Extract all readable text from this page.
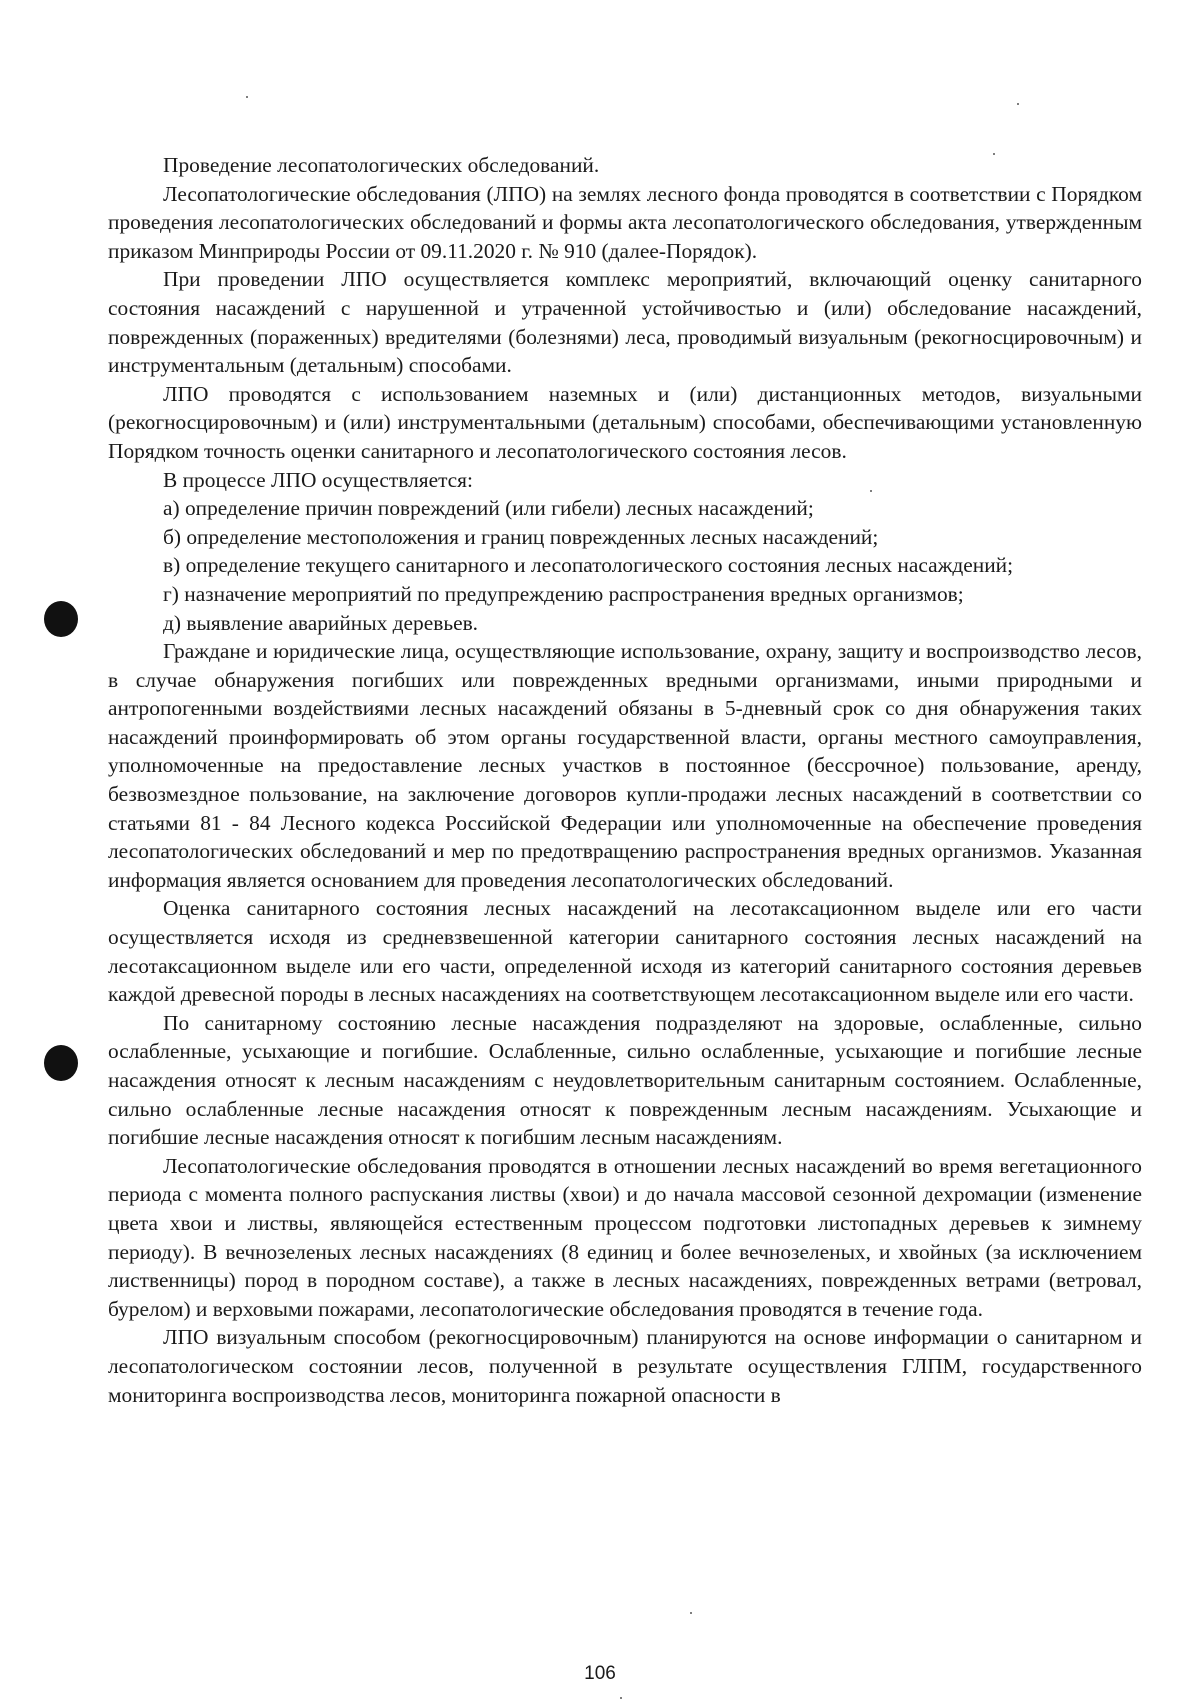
Проведение лесопатологических обследований.

Лесопатологические обследования (ЛПО) на землях лесного фонда проводятся в соответствии с Порядком проведения лесопатологических обследований и формы акта лесопатологического обследования, утвержденным приказом Минприроды России от 09.11.2020 г. № 910 (далее-Порядок).

При проведении ЛПО осуществляется комплекс мероприятий, включающий оценку санитарного состояния насаждений с нарушенной и утраченной устойчивостью и (или) обследование насаждений, поврежденных (пораженных) вредителями (болезнями) леса, проводимый визуальным (рекогносцировочным) и инструментальным (детальным) способами.

ЛПО проводятся с использованием наземных и (или) дистанционных методов, визуальными (рекогносцировочным) и (или) инструментальными (детальным) способами, обеспечивающими установленную Порядком точность оценки санитарного и лесопатологического состояния лесов.

В процессе ЛПО осуществляется:

а) определение причин повреждений (или гибели) лесных насаждений;

б) определение местоположения и границ поврежденных лесных насаждений;

в) определение текущего санитарного и лесопатологического состояния лесных насаждений;

г) назначение мероприятий по предупреждению распространения вредных организмов;

д) выявление аварийных деревьев.

Граждане и юридические лица, осуществляющие использование, охрану, защиту и воспроизводство лесов, в случае обнаружения погибших или поврежденных вредными организмами, иными природными и антропогенными воздействиями лесных насаждений обязаны в 5-дневный срок со дня обнаружения таких насаждений проинформировать об этом органы государственной власти, органы местного самоуправления, уполномоченные на предоставление лесных участков в постоянное (бессрочное) пользование, аренду, безвозмездное пользование, на заключение договоров купли-продажи лесных насаждений в соответствии со статьями 81 - 84 Лесного кодекса Российской Федерации или уполномоченные на обеспечение проведения лесопатологических обследований и мер по предотвращению распространения вредных организмов. Указанная информация является основанием для проведения лесопатологических обследований.

Оценка санитарного состояния лесных насаждений на лесотаксационном выделе или его части осуществляется исходя из средневзвешенной категории санитарного состояния лесных насаждений на лесотаксационном выделе или его части, определенной исходя из категорий санитарного состояния деревьев каждой древесной породы в лесных насаждениях на соответствующем лесотаксационном выделе или его части.

По санитарному состоянию лесные насаждения подразделяют на здоровые, ослабленные, сильно ослабленные, усыхающие и погибшие. Ослабленные, сильно ослабленные, усыхающие и погибшие лесные насаждения относят к лесным насаждениям с неудовлетворительным санитарным состоянием. Ослабленные, сильно ослабленные лесные насаждения относят к поврежденным лесным насаждениям. Усыхающие и погибшие лесные насаждения относят к погибшим лесным насаждениям.

Лесопатологические обследования проводятся в отношении лесных насаждений во время вегетационного периода с момента полного распускания листвы (хвои) и до начала массовой сезонной дехромации (изменение цвета хвои и листвы, являющейся естественным процессом подготовки листопадных деревьев к зимнему периоду). В вечнозеленых лесных насаждениях (8 единиц и более вечнозеленых, и хвойных (за исключением лиственницы) пород в породном составе), а также в лесных насаждениях, поврежденных ветрами (ветровал, бурелом) и верховыми пожарами, лесопатологические обследования проводятся в течение года.

ЛПО визуальным способом (рекогносцировочным) планируются на основе информации о санитарном и лесопатологическом состоянии лесов, полученной в результате осуществления ГЛПМ, государственного мониторинга воспроизводства лесов, мониторинга пожарной опасности в

106
